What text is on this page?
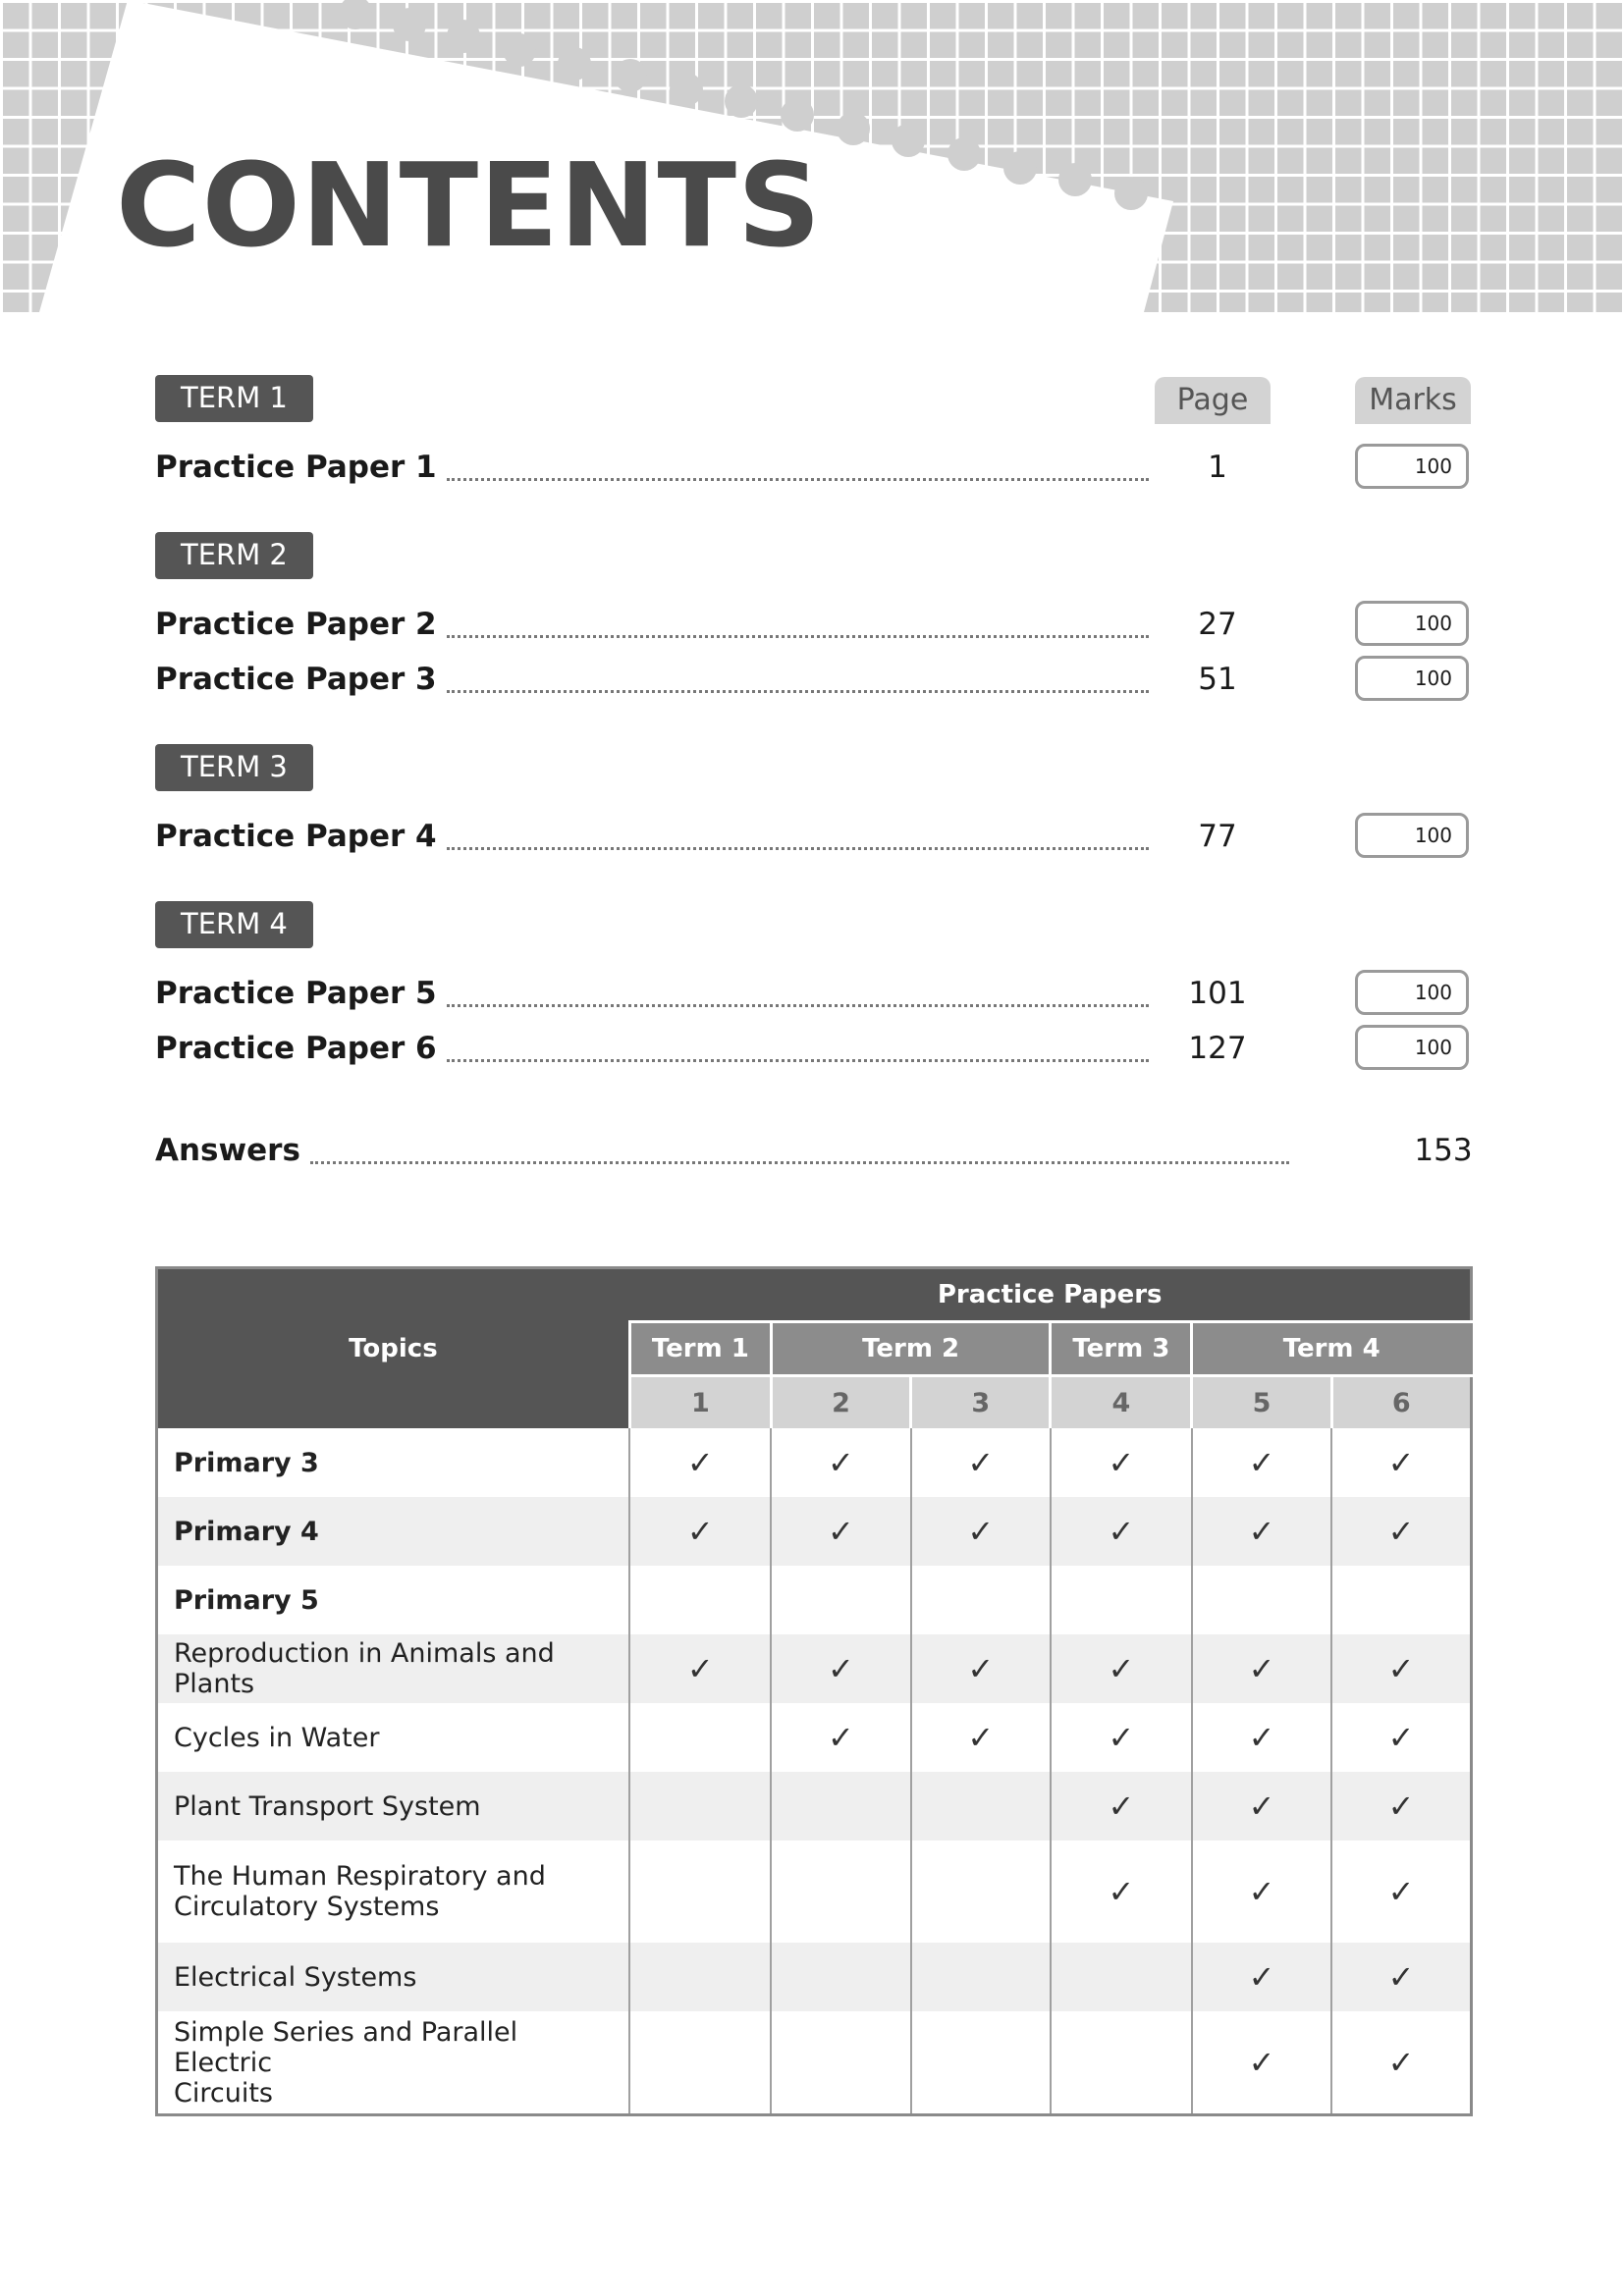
CONTENTS
Page	Marks
TERM 1
Practice Paper 1	1	100
TERM 2
Practice Paper 2	27	100
Practice Paper 3	51	100
TERM 3
Practice Paper 4	77	100
TERM 4
Practice Paper 5	101	100
Practice Paper 6	127	100
Answers	153
Topics	Practice Papers					
	Term 1	Term 2		Term 3	Term 4	
	1	2	3	4	5	6
Primary 3	✓	✓	✓	✓	✓	✓
Primary 4	✓	✓	✓	✓	✓	✓
Primary 5						
Reproduction in Animals and Plants	✓	✓	✓	✓	✓	✓
Cycles in Water		✓	✓	✓	✓	✓
Plant Transport System				✓	✓	✓
The Human Respiratory and
Circulatory Systems				✓	✓	✓
Electrical Systems					✓	✓
Simple Series and Parallel Electric
Circuits					✓	✓
